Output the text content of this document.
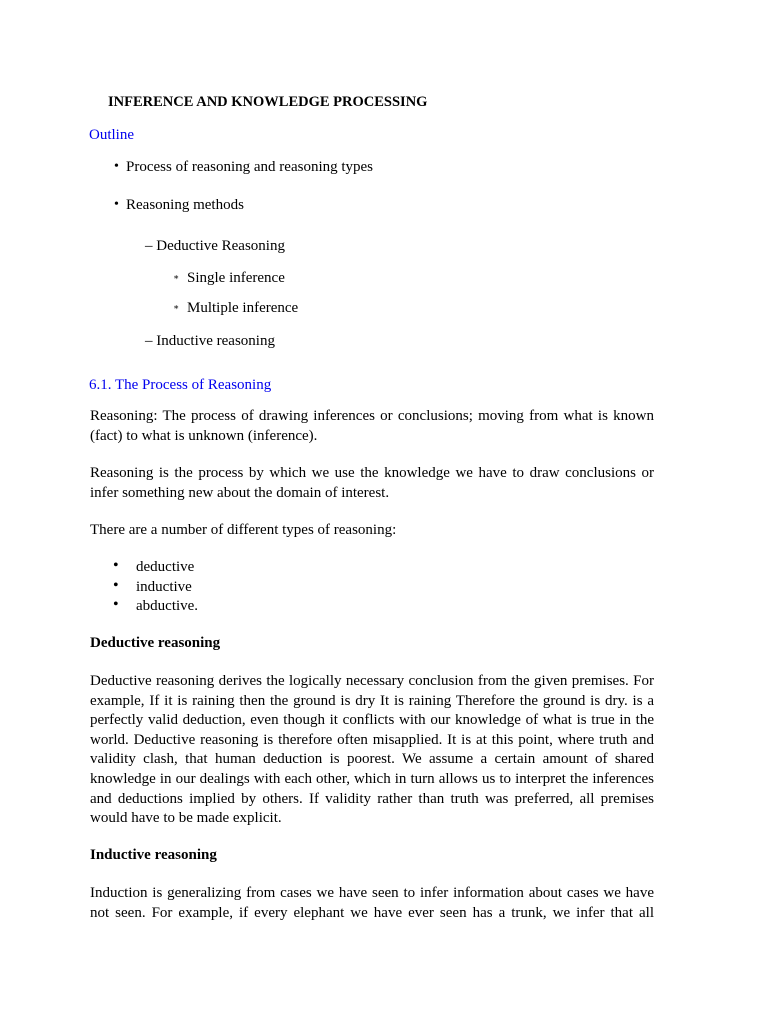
INFERENCE AND KNOWLEDGE PROCESSING
Outline
• Process of reasoning and reasoning types
• Reasoning methods
– Deductive Reasoning
∗ Single inference
∗ Multiple inference
– Inductive reasoning
6.1. The Process of Reasoning
Reasoning: The process of drawing inferences or conclusions; moving from what is known (fact) to what is unknown (inference).
Reasoning is the process by which we use the knowledge we have to draw conclusions or infer something new about the domain of interest.
There are a number of different types of reasoning:
• deductive
• inductive
• abductive.
Deductive reasoning
Deductive reasoning derives the logically necessary conclusion from the given premises. For example, If it is raining then the ground is dry It is raining Therefore the ground is dry. is a perfectly valid deduction, even though it conflicts with our knowledge of what is true in the world. Deductive reasoning is therefore often misapplied. It is at this point, where truth and validity clash, that human deduction is poorest. We assume a certain amount of shared knowledge in our dealings with each other, which in turn allows us to interpret the inferences and deductions implied by others. If validity rather than truth was preferred, all premises would have to be made explicit.
Inductive reasoning
Induction is generalizing from cases we have seen to infer information about cases we have not seen. For example, if every elephant we have ever seen has a trunk, we infer that all
